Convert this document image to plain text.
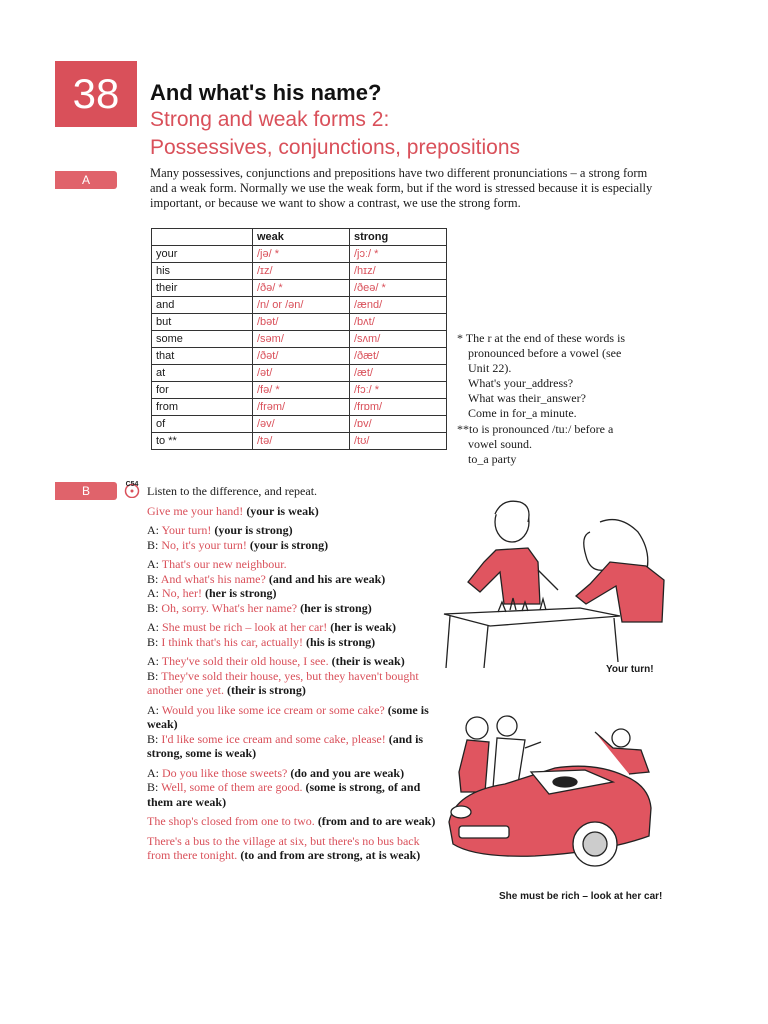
38	And what's his name?
Strong and weak forms 2:
Possessives, conjunctions, prepositions
A	Many possessives, conjunctions and prepositions have two different pronunciations – a strong form and a weak form. Normally we use the weak form, but if the word is stressed because it is especially important, or because we want to show a contrast, we use the strong form.
	weak	strong
your	/jə/ *	/jɔː/ *
his	/ɪz/	/hɪz/
their	/ðə/ *	/ðeə/ *
and	/n/ or /ən/	/ænd/
but	/bət/	/bʌt/
some	/səm/	/sʌm/
that	/ðət/	/ðæt/
at	/ət/	/æt/
for	/fə/ *	/fɔː/ *
from	/frəm/	/frɒm/
of	/əv/	/ɒv/
to **	/tə/	/tʊ/
* The r at the end of these words is
pronounced before a vowel (see
Unit 22).
What's your_address?
What was their_answer?
Come in for_a minute.
**to is pronounced /tuː/ before a
vowel sound.
to_a party
B	C54 Listen to the difference, and repeat.

Give me your hand! (your is weak)

A: Your turn! (your is strong)
B: No, it's your turn! (your is strong)

A: That's our new neighbour.
B: And what's his name? (and and his are weak)
A: No, her! (her is strong)
B: Oh, sorry. What's her name? (her is strong)

A: She must be rich – look at her car! (her is weak)
B: I think that's his car, actually! (his is strong)

A: They've sold their old house, I see. (their is weak)
B: They've sold their house, yes, but they haven't bought another one yet. (their is strong)

A: Would you like some ice cream or some cake? (some is weak)
B: I'd like some ice cream and some cake, please! (and is strong, some is weak)

A: Do you like those sweets? (do and you are weak)
B: Well, some of them are good. (some is strong, of and them are weak)

The shop's closed from one to two. (from and to are weak)

There's a bus to the village at six, but there's no bus back from there tonight. (to and from are strong, at is weak)

Your turn!
She must be rich – look at her car!
